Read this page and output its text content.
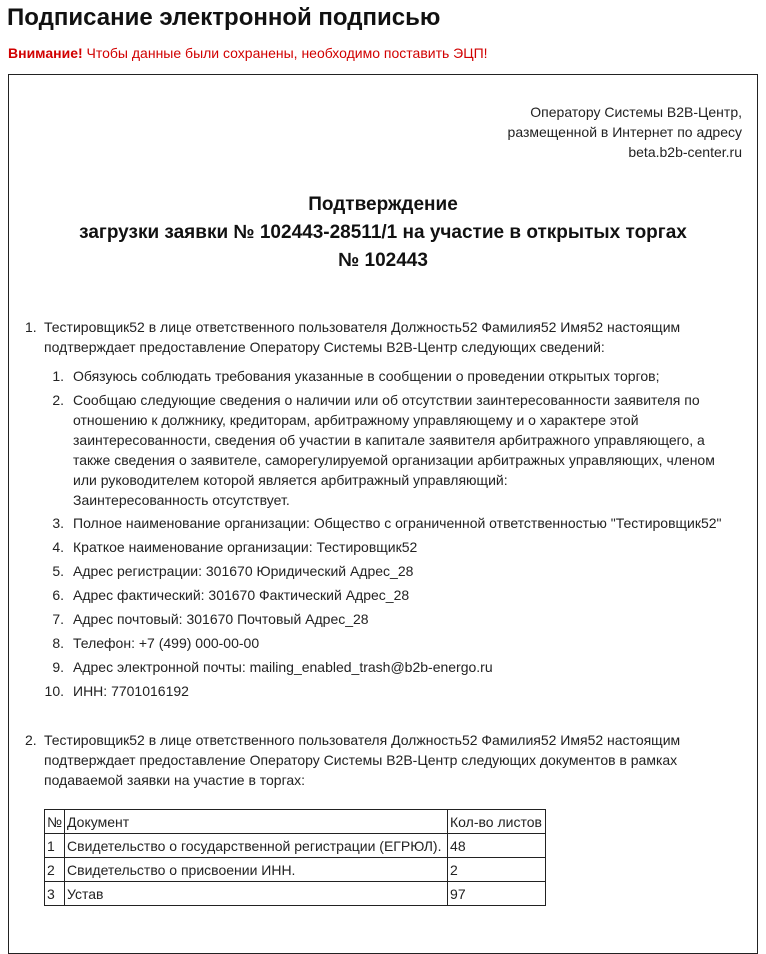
Подписание электронной подписью
Внимание! Чтобы данные были сохранены, необходимо поставить ЭЦП!
Оператору Системы B2B-Центр,
размещенной в Интернет по адресу
beta.b2b-center.ru
Подтверждение
загрузки заявки № 102443-28511/1 на участие в открытых торгах
№ 102443
1. Тестировщик52 в лице ответственного пользователя Должность52 Фамилия52 Имя52 настоящим подтверждает предоставление Оператору Системы B2B-Центр следующих сведений:
1. Обязуюсь соблюдать требования указанные в сообщении о проведении открытых торгов;
2. Сообщаю следующие сведения о наличии или об отсутствии заинтересованности заявителя по отношению к должнику, кредиторам, арбитражному управляющему и о характере этой заинтересованности, сведения об участии в капитале заявителя арбитражного управляющего, а также сведения о заявителе, саморегулируемой организации арбитражных управляющих, членом или руководителем которой является арбитражный управляющий:
Заинтересованность отсутствует.
3. Полное наименование организации: Общество с ограниченной ответственностью "Тестировщик52"
4. Краткое наименование организации: Тестировщик52
5. Адрес регистрации: 301670 Юридический Адрес_28
6. Адрес фактический: 301670 Фактический Адрес_28
7. Адрес почтовый: 301670 Почтовый Адрес_28
8. Телефон: +7 (499) 000-00-00
9. Адрес электронной почты: mailing_enabled_trash@b2b-energo.ru
10. ИНН: 7701016192
2. Тестировщик52 в лице ответственного пользователя Должность52 Фамилия52 Имя52 настоящим подтверждает предоставление Оператору Системы B2B-Центр следующих документов в рамках подаваемой заявки на участие в торгах:
№	Документ	Кол-во листов
1	Свидетельство о государственной регистрации (ЕГРЮЛ).	48
2	Свидетельство о присвоении ИНН.	2
3	Устав	97
